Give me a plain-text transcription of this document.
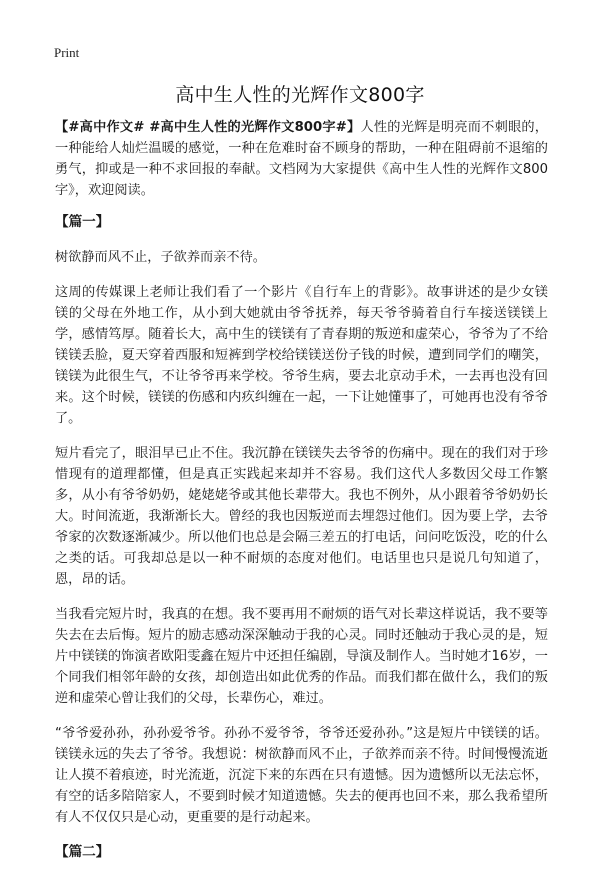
Print
高中生人性的光辉作文800字

【#高中作文# #高中生人性的光辉作文800字#】人性的光辉是明亮而不刺眼的，一种能给人灿烂温暖的感觉，一种在危难时奋不顾身的帮助，一种在阻碍前不退缩的勇气，抑或是一种不求回报的奉献。文档网为大家提供《高中生人性的光辉作文800字》，欢迎阅读。

【篇一】

树欲静而风不止，子欲养而亲不待。

这周的传媒课上老师让我们看了一个影片《自行车上的背影》。故事讲述的是少女镁镁的父母在外地工作，从小到大她就由爷爷抚养，每天爷爷骑着自行车接送镁镁上学，感情笃厚。随着长大，高中生的镁镁有了青春期的叛逆和虚荣心，爷爷为了不给镁镁丢脸，夏天穿着西服和短裤到学校给镁镁送份子钱的时候，遭到同学们的嘲笑，镁镁为此很生气，不让爷爷再来学校。爷爷生病，要去北京动手术，一去再也没有回来。这个时候，镁镁的伤感和内疚纠缠在一起，一下让她懂事了，可她再也没有爷爷了。

短片看完了，眼泪早已止不住。我沉静在镁镁失去爷爷的伤痛中。现在的我们对于珍惜现有的道理都懂，但是真正实践起来却并不容易。我们这代人多数因父母工作繁多，从小有爷爷奶奶，姥姥姥爷或其他长辈带大。我也不例外，从小跟着爷爷奶奶长大。时间流逝，我渐渐长大。曾经的我也因叛逆而去埋怨过他们。因为要上学，去爷爷家的次数逐渐减少。所以他们也总是会隔三差五的打电话，问问吃饭没，吃的什么之类的话。可我却总是以一种不耐烦的态度对他们。电话里也只是说几句知道了，恩，昂的话。

当我看完短片时，我真的在想。我不要再用不耐烦的语气对长辈这样说话，我不要等失去在去后悔。短片的励志感动深深触动于我的心灵。同时还触动于我心灵的是，短片中镁镁的饰演者欧阳雯鑫在短片中还担任编剧，导演及制作人。当时她才16岁，一个同我们相邻年龄的女孩，却创造出如此优秀的作品。而我们都在做什么，我们的叛逆和虚荣心曾让我们的父母，长辈伤心，难过。

“爷爷爱孙孙，孙孙爱爷爷。孙孙不爱爷爷，爷爷还爱孙孙。”这是短片中镁镁的话。镁镁永远的失去了爷爷。我想说：树欲静而风不止，子欲养而亲不待。时间慢慢流逝让人摸不着痕迹，时光流逝，沉淀下来的东西在只有遗憾。因为遗憾所以无法忘怀，有空的话多陪陪家人，不要到时候才知道遗憾。失去的便再也回不来，那么我希望所有人不仅仅只是心动，更重要的是行动起来。

【篇二】
